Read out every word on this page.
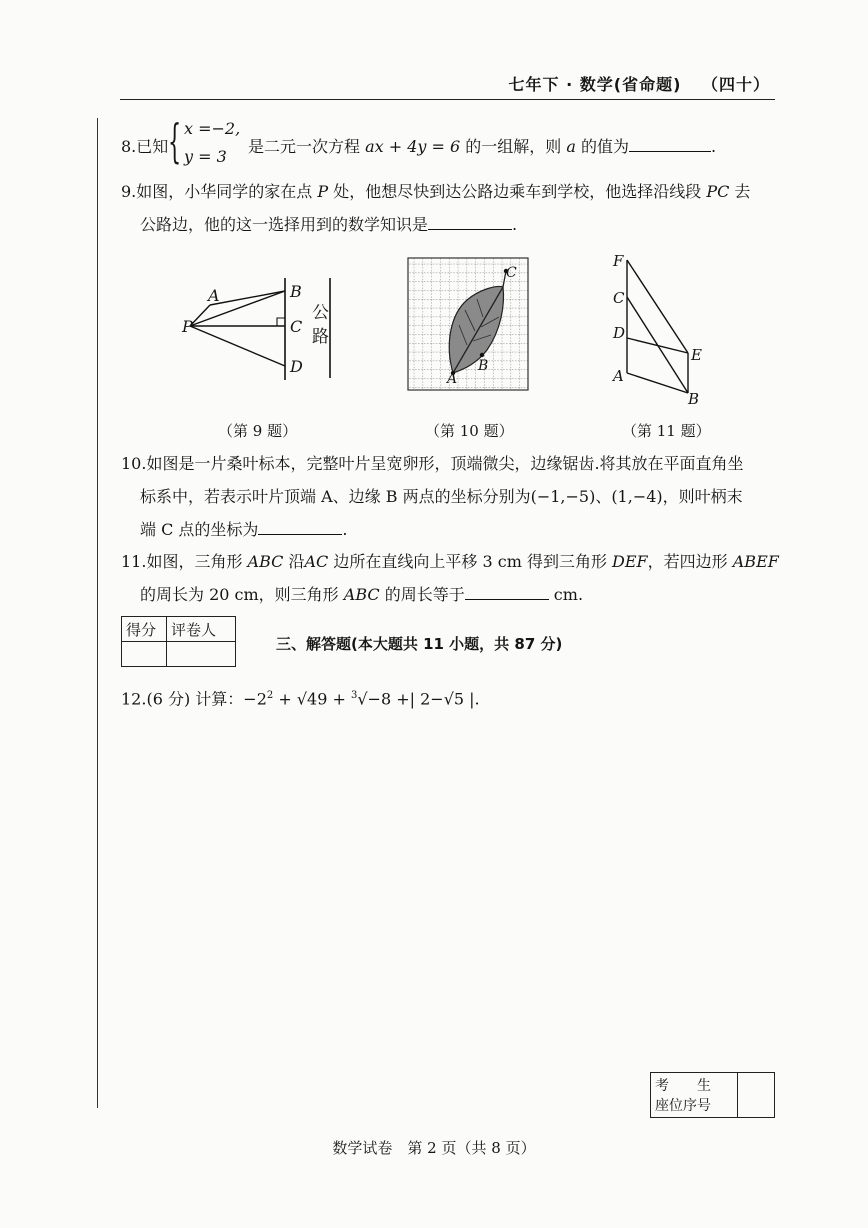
七年下 · 数学(省命题) （四十）
8.已知 { x =−2,
y = 3
是二元一次方程 ax + 4y = 6 的一组解，则 a 的值为	.
9.如图，小华同学的家在点 P 处，他想尽快到达公路边乘车到学校，他选择沿线段 PC 去
公路边，他的这一选择用到的数学知识是	.
A	B
C
D
P
公
路
（第 9 题）
A
B
C
（第 10 题）
F
C
D
E
A
B
（第 11 题）
10.如图是一片桑叶标本，完整叶片呈宽卵形，顶端微尖，边缘锯齿.将其放在平面直角坐
标系中，若表示叶片顶端 A、边缘 B 两点的坐标分别为(−1,−5)、(1,−4)，则叶柄末
端 C 点的坐标为	.
11.如图，三角形 ABC 沿AC 边所在直线向上平移 3 cm 得到三角形 DEF，若四边形 ABEF
的周长为 20 cm，则三角形 ABC 的周长等于	cm.
得分	评卷人

三、解答题(本大题共 11 小题，共 87 分)
12.(6 分) 计算：$-2^2 + √49 + ^3√-8$ +| 2−√5 |.
考　　生
座位序号

数学试卷　第 2 页（共 8 页）
